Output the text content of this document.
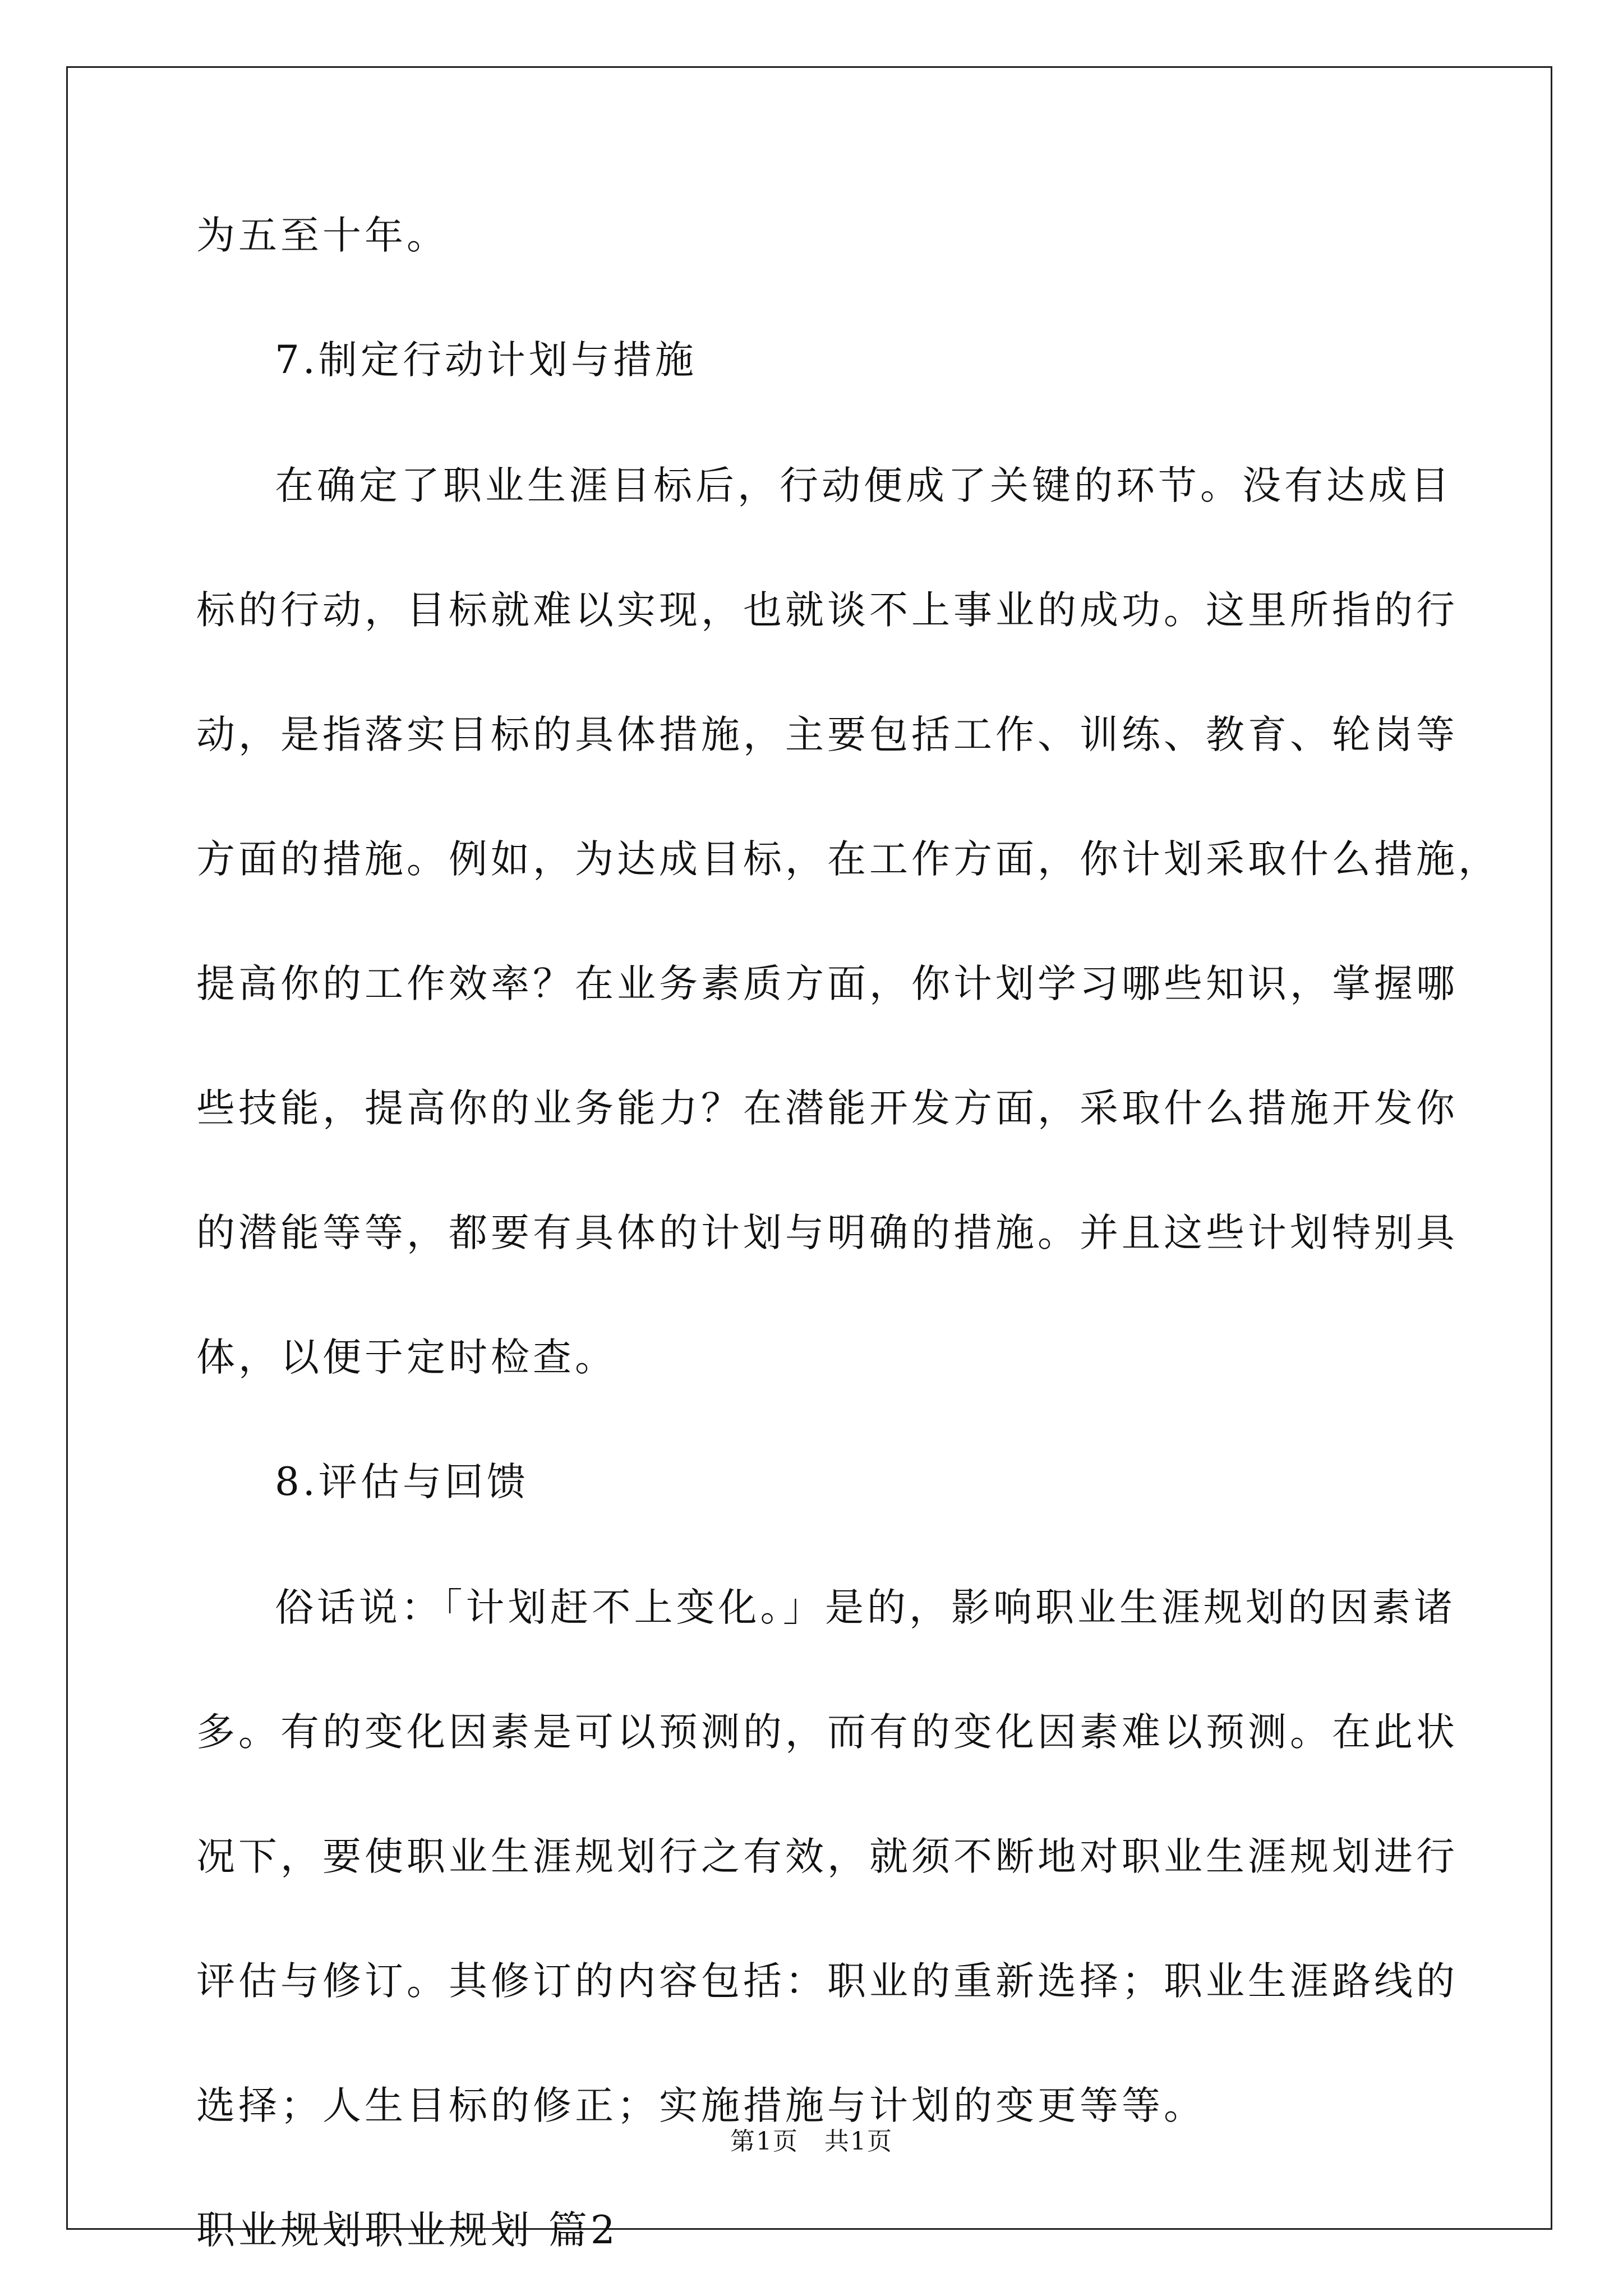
为五至十年。
7.制定行动计划与措施
在确定了职业生涯目标后，行动便成了关键的环节。没有达成目
标的行动，目标就难以实现，也就谈不上事业的成功。这里所指的行
动，是指落实目标的具体措施，主要包括工作、训练、教育、轮岗等
方面的措施。例如，为达成目标，在工作方面，你计划采取什么措施，
提高你的工作效率？在业务素质方面，你计划学习哪些知识，掌握哪
些技能，提高你的业务能力？在潜能开发方面，采取什么措施开发你
的潜能等等，都要有具体的计划与明确的措施。并且这些计划特别具
体，以便于定时检查。
8.评估与回馈
俗话说：「计划赶不上变化。」是的，影响职业生涯规划的因素诸
多。有的变化因素是可以预测的，而有的变化因素难以预测。在此状
况下，要使职业生涯规划行之有效，就须不断地对职业生涯规划进行
评估与修订。其修订的内容包括：职业的重新选择；职业生涯路线的
选择；人生目标的修正；实施措施与计划的变更等等。
职业规划职业规划 篇2
第1页　共1页
